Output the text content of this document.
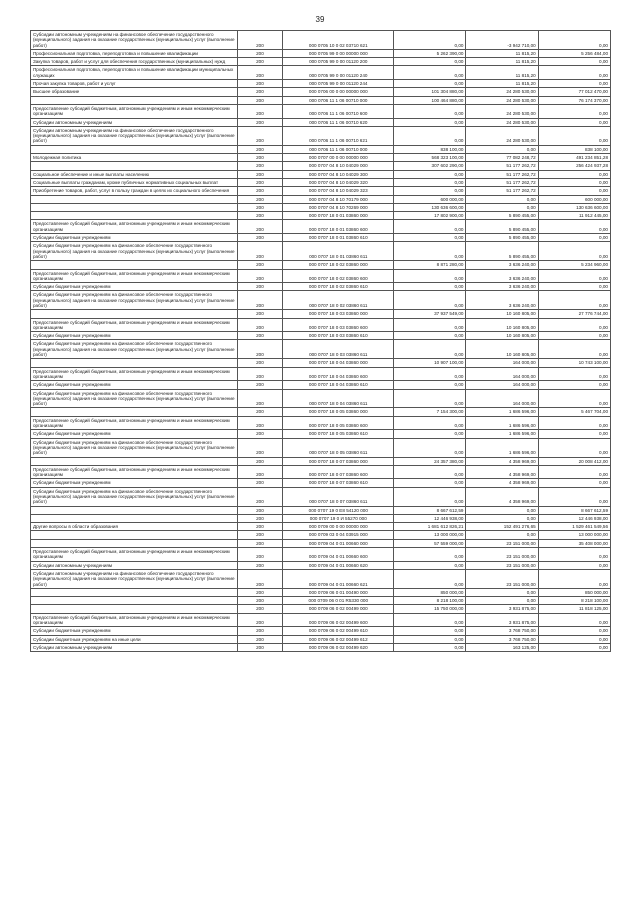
39
Субсидии автономным учреждениям на финансовое обеспечение государственного (муниципального) задания на оказание государственных (муниципальных) услуг (выполнение работ)	200	000 0705 10 0 02 03710 621	0,00	-3 942 710,00	0,00
Профессиональная подготовка, переподготовка и повышение квалификации	200	000 0705 99 0 00 00000 000	5 262 390,00	11 815,20	5 256 484,00
Закупка товаров, работ и услуг для обеспечения государственных (муниципальных) нужд	200	000 0705 99 0 00 01120 200	0,00	11 815,20	0,00
Профессиональная подготовка, переподготовка и повышение квалификации муниципальных служащих	200	000 0705 99 0 00 01120 240	0,00	11 815,20	0,00
Прочая закупка товаров, работ и услуг	200	000 0705 99 0 00 01120 244	0,00	11 815,20	0,00
Высшее образование	200	000 0706 00 0 00 00000 000	101 304 880,00	24 280 530,00	77 012 470,00
	200	000 0706 11 1 06 00710 000	100 464 880,00	24 280 530,00	76 174 370,00
Предоставление субсидий бюджетным, автономным учреждениям и иным некоммерческим организациям	200	000 0706 11 1 06 00710 600	0,00	24 280 530,00	0,00
Субсидии автономным учреждениям	200	000 0706 11 1 06 00710 620	0,00	24 280 530,00	0,00
Субсидии автономным учреждениям на финансовое обеспечение государственного (муниципального) задания на оказание государственных (муниципальных) услуг (выполнение работ)	200	000 0706 11 1 06 00710 621	0,00	24 280 530,00	0,00
	200	000 0706 11 1 06 00710 000	838 100,00	0,00	838 100,00
Молодежная политика	200	000 0707 00 0 00 00000 000	568 323 100,00	77 082 248,72	491 234 851,28
	200	000 0707 04 8 10 04029 000	307 602 290,00	51 177 262,72	256 424 937,28
Социальное обеспечение и иные выплаты населению	200	000 0707 04 8 10 04029 300	0,00	51 177 262,72	0,00
Социальные выплаты гражданам, кроме публичных нормативных социальных выплат	200	000 0707 04 8 10 04029 320	0,00	51 177 262,72	0,00
Приобретение товаров, работ, услуг в пользу граждан в целях их социального обеспечения	200	000 0707 04 8 10 04029 323	0,00	51 177 262,72	0,00
	200	000 0707 04 8 10 70179 000	600 000,00	0,00	600 000,00
	200	000 0707 04 8 10 70269 000	130 636 600,00	0,00	130 636 600,00
	200	000 0707 18 0 01 03860 000	17 802 900,00	5 890 455,00	11 912 445,00
Предоставление субсидий бюджетным, автономным учреждениям и иным некоммерческим организациям	200	000 0707 18 0 01 03860 600	0,00	5 890 455,00	0,00
Субсидии бюджетным учреждениям	200	000 0707 18 0 01 03860 610	0,00	5 890 455,00	0,00
Субсидии бюджетным учреждениям на финансовое обеспечение государственного (муниципального) задания на оказание государственных (муниципальных) услуг (выполнение работ)	200	000 0707 18 0 01 03860 611	0,00	5 890 455,00	0,00
	200	000 0707 18 0 02 03860 000	8 871 280,00	3 636 240,00	5 234 960,00
Предоставление субсидий бюджетным, автономным учреждениям и иным некоммерческим организациям	200	000 0707 18 0 02 03860 600	0,00	3 636 240,00	0,00
Субсидии бюджетным учреждениям	200	000 0707 18 0 02 03860 610	0,00	3 636 240,00	0,00
Субсидии бюджетным учреждениям на финансовое обеспечение государственного (муниципального) задания на оказание государственных (муниципальных) услуг (выполнение работ)	200	000 0707 18 0 02 03860 611	0,00	3 636 240,00	0,00
	200	000 0707 18 0 03 03860 000	37 937 549,00	10 160 805,00	27 776 744,00
Предоставление субсидий бюджетным, автономным учреждениям и иным некоммерческим организациям	200	000 0707 18 0 03 03860 600	0,00	10 160 805,00	0,00
Субсидии бюджетным учреждениям	200	000 0707 18 0 03 03860 610	0,00	10 160 805,00	0,00
Субсидии бюджетным учреждениям на финансовое обеспечение государственного (муниципального) задания на оказание государственных (муниципальных) услуг (выполнение работ)	200	000 0707 18 0 03 03860 611	0,00	10 160 805,00	0,00
	200	000 0707 18 0 04 03860 000	10 907 100,00	164 000,00	10 743 100,00
Предоставление субсидий бюджетным, автономным учреждениям и иным некоммерческим организациям	200	000 0707 18 0 04 03860 600	0,00	164 000,00	0,00
Субсидии бюджетным учреждениям	200	000 0707 18 0 04 03860 610	0,00	164 000,00	0,00
Субсидии бюджетным учреждениям на финансовое обеспечение государственного (муниципального) задания на оказание государственных (муниципальных) услуг (выполнение работ)	200	000 0707 18 0 04 03860 611	0,00	164 000,00	0,00
	200	000 0707 18 0 05 03860 000	7 154 300,00	1 686 596,00	5 467 704,00
Предоставление субсидий бюджетным, автономным учреждениям и иным некоммерческим организациям	200	000 0707 18 0 05 03860 600	0,00	1 686 596,00	0,00
Субсидии бюджетным учреждениям	200	000 0707 18 0 05 03860 610	0,00	1 686 596,00	0,00
Субсидии бюджетным учреждениям на финансовое обеспечение государственного (муниципального) задания на оказание государственных (муниципальных) услуг (выполнение работ)	200	000 0707 18 0 05 03860 611	0,00	1 686 596,00	0,00
	200	000 0707 18 0 07 03860 000	24 357 380,00	4 358 969,00	20 008 412,00
Предоставление субсидий бюджетным, автономным учреждениям и иным некоммерческим организациям	200	000 0707 18 0 07 03860 600	0,00	4 358 969,00	0,00
Субсидии бюджетным учреждениям	200	000 0707 18 0 07 03860 610	0,00	4 358 969,00	0,00
Субсидии бюджетным учреждениям на финансовое обеспечение государственного (муниципального) задания на оказание государственных (муниципальных) услуг (выполнение работ)	200	000 0707 18 0 07 03860 611	0,00	4 358 969,00	0,00
	200	000 0707 19 0 E8 54120 000	8 667 612,59	0,00	8 667 612,59
	200	000 0707 19 0 И 55270 000	12 446 938,00	0,00	12 446 938,00
Другие вопросы в области образования	200	000 0709 00 0 00 00000 000	1 681 612 826,21	152 491 276,65	1 529 461 549,56
	200	000 0709 03 0 04 03915 000	13 000 000,00	0,00	13 000 000,00
	200	000 0709 04 0 01 00660 000	57 559 000,00	23 151 000,00	35 408 000,00
Предоставление субсидий бюджетным, автономным учреждениям и иным некоммерческим организациям	200	000 0709 04 0 01 00660 600	0,00	23 151 000,00	0,00
Субсидии автономным учреждениям	200	000 0709 04 0 01 00660 620	0,00	23 151 000,00	0,00
Субсидии автономным учреждениям на финансовое обеспечение государственного (муниципального) задания на оказание государственных (муниципальных) услуг (выполнение работ)	200	000 0709 04 0 01 00660 621	0,00	23 151 000,00	0,00
	200	000 0709 06 0 01 00490 000	850 000,00	0,00	850 000,00
	200	000 0709 06 0 01 R5330 000	8 218 100,00	0,00	8 218 100,00
	200	000 0709 06 0 02 00499 000	15 750 000,00	3 931 875,00	11 818 125,00
Предоставление субсидий бюджетным, автономным учреждениям и иным некоммерческим организациям	200	000 0709 06 0 02 00499 600	0,00	3 931 875,00	0,00
Субсидии бюджетным учреждениям	200	000 0709 06 0 02 00499 610	0,00	3 768 750,00	0,00
Субсидии бюджетным учреждениям на иные цели	200	000 0709 06 0 02 00499 612	0,00	3 768 750,00	0,00
Субсидии автономным учреждениям	200	000 0709 06 0 02 00499 620	0,00	163 125,00	0,00
